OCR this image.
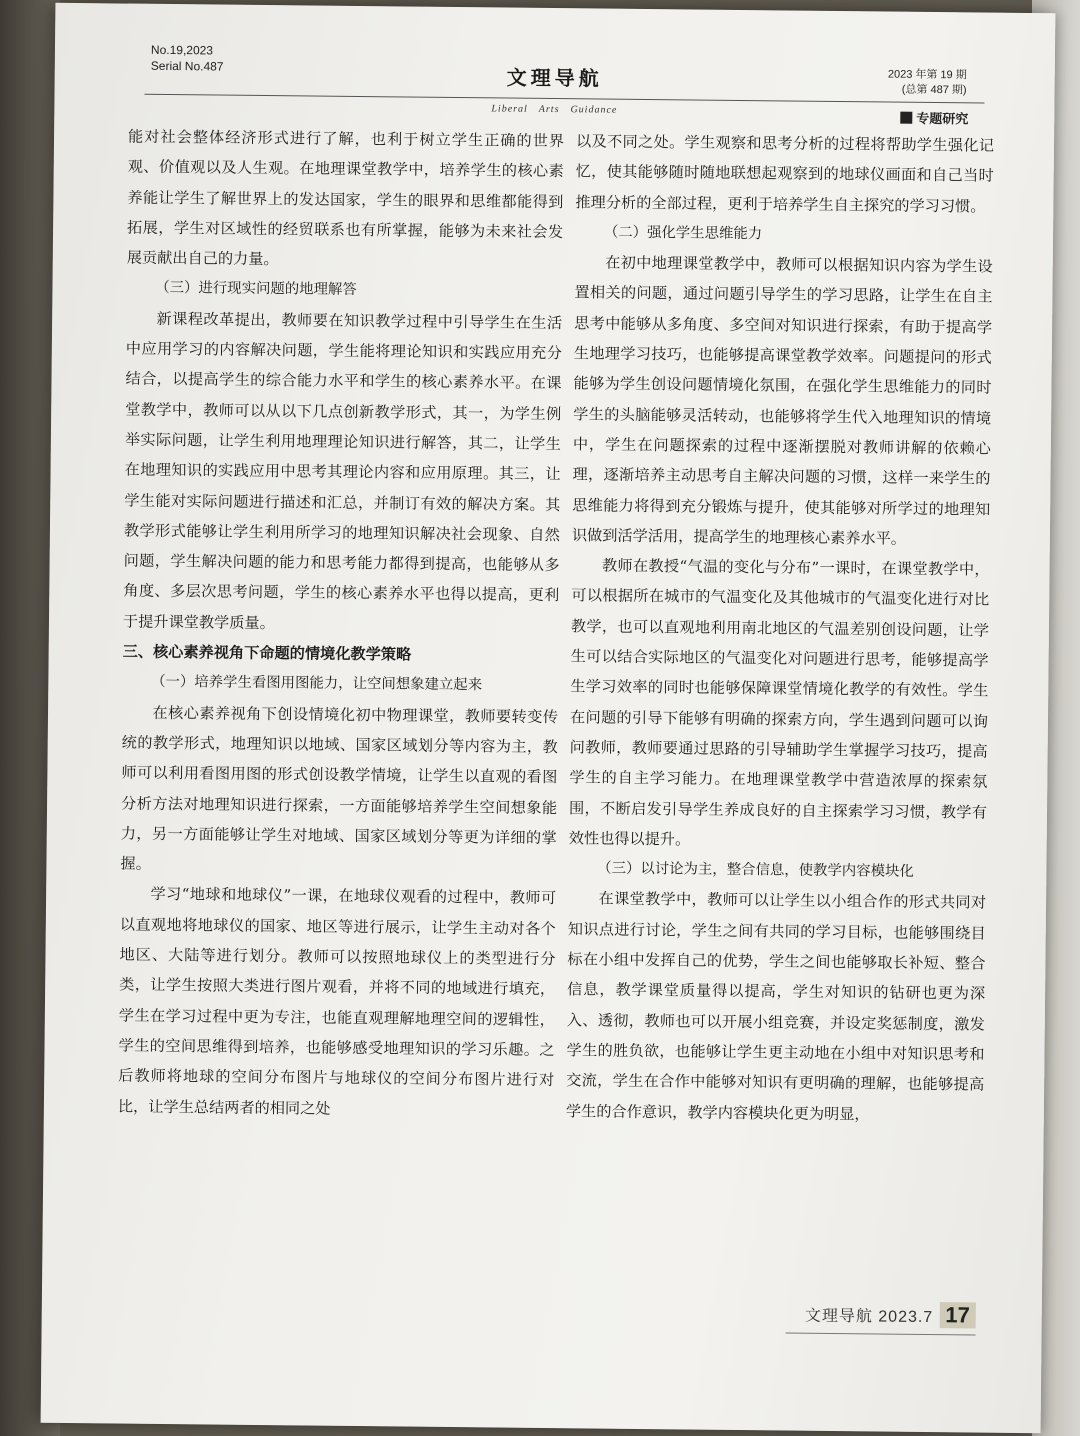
No.19,2023
Serial No.487	文理导航
Liberal　Arts　Guidance
2023 年第 19 期
(总第 487 期)
专题研究

能对社会整体经济形式进行了解，也利于树立学生正确的世界观、价值观以及人生观。在地理课堂教学中，培养学生的核心素养能让学生了解世界上的发达国家，学生的眼界和思维都能得到拓展，学生对区域性的经贸联系也有所掌握，能够为未来社会发展贡献出自己的力量。

（三）进行现实问题的地理解答

新课程改革提出，教师要在知识教学过程中引导学生在生活中应用学习的内容解决问题，学生能将理论知识和实践应用充分结合，以提高学生的综合能力水平和学生的核心素养水平。在课堂教学中，教师可以从以下几点创新教学形式，其一，为学生例举实际问题，让学生利用地理理论知识进行解答，其二，让学生在地理知识的实践应用中思考其理论内容和应用原理。其三，让学生能对实际问题进行描述和汇总，并制订有效的解决方案。其教学形式能够让学生利用所学习的地理知识解决社会现象、自然问题，学生解决问题的能力和思考能力都得到提高，也能够从多角度、多层次思考问题，学生的核心素养水平也得以提高，更利于提升课堂教学质量。

三、核心素养视角下命题的情境化教学策略

（一）培养学生看图用图能力，让空间想象建立起来

在核心素养视角下创设情境化初中物理课堂，教师要转变传统的教学形式，地理知识以地域、国家区域划分等内容为主，教师可以利用看图用图的形式创设教学情境，让学生以直观的看图分析方法对地理知识进行探索，一方面能够培养学生空间想象能力，另一方面能够让学生对地域、国家区域划分等更为详细的掌握。

学习“地球和地球仪”一课，在地球仪观看的过程中，教师可以直观地将地球仪的国家、地区等进行展示，让学生主动对各个地区、大陆等进行划分。教师可以按照地球仪上的类型进行分类，让学生按照大类进行图片观看，并将不同的地域进行填充，学生在学习过程中更为专注，也能直观理解地理空间的逻辑性，学生的空间思维得到培养，也能够感受地理知识的学习乐趣。之后教师将地球的空间分布图片与地球仪的空间分布图片进行对比，让学生总结两者的相同之处

以及不同之处。学生观察和思考分析的过程将帮助学生强化记忆，使其能够随时随地联想起观察到的地球仪画面和自己当时推理分析的全部过程，更利于培养学生自主探究的学习习惯。

（二）强化学生思维能力

在初中地理课堂教学中，教师可以根据知识内容为学生设置相关的问题，通过问题引导学生的学习思路，让学生在自主思考中能够从多角度、多空间对知识进行探索，有助于提高学生地理学习技巧，也能够提高课堂教学效率。问题提问的形式能够为学生创设问题情境化氛围，在强化学生思维能力的同时学生的头脑能够灵活转动，也能够将学生代入地理知识的情境中，学生在问题探索的过程中逐渐摆脱对教师讲解的依赖心理，逐渐培养主动思考自主解决问题的习惯，这样一来学生的思维能力将得到充分锻炼与提升，使其能够对所学过的地理知识做到活学活用，提高学生的地理核心素养水平。

教师在教授“气温的变化与分布”一课时，在课堂教学中，可以根据所在城市的气温变化及其他城市的气温变化进行对比教学，也可以直观地利用南北地区的气温差别创设问题，让学生可以结合实际地区的气温变化对问题进行思考，能够提高学生学习效率的同时也能够保障课堂情境化教学的有效性。学生在问题的引导下能够有明确的探索方向，学生遇到问题可以询问教师，教师要通过思路的引导辅助学生掌握学习技巧，提高学生的自主学习能力。在地理课堂教学中营造浓厚的探索氛围，不断启发引导学生养成良好的自主探索学习习惯，教学有效性也得以提升。

（三）以讨论为主，整合信息，使教学内容模块化

在课堂教学中，教师可以让学生以小组合作的形式共同对知识点进行讨论，学生之间有共同的学习目标，也能够围绕目标在小组中发挥自己的优势，学生之间也能够取长补短、整合信息，教学课堂质量得以提高，学生对知识的钻研也更为深入、透彻，教师也可以开展小组竞赛，并设定奖惩制度，激发学生的胜负欲，也能够让学生更主动地在小组中对知识思考和交流，学生在合作中能够对知识有更明确的理解，也能够提高学生的合作意识，教学内容模块化更为明显，

文理导航 2023.7 17
